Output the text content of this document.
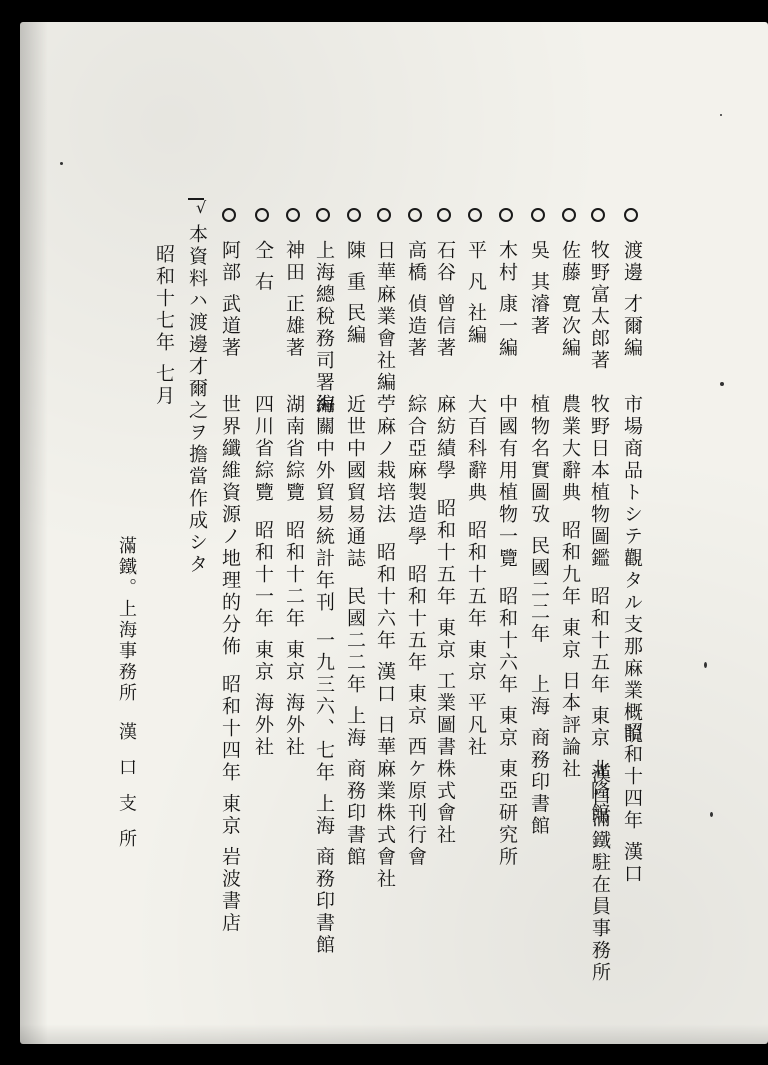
渡邊 才爾編
市場商品トシテ觀タル支那麻業概説
昭和十四年 漢口
漢口滿鐵駐在員事務所
牧野富太郎著
牧野日本植物圖鑑
昭和十五年 東京 北隆館
佐藤 寛次編
農業大辭典
昭和九年 東京 日本評論社
吳 其濬著
植物名實圖攷 民國二二年
上海 商務印書館
木村 康一編
中國有用植物一覽
昭和十六年 東京 東亞研究所
平 凡 社編
大百科辭典
昭和十五年 東京 平凡社
石谷 曾信著
麻紡績學
昭和十五年 東京 工業圖書株式會社
高橋 偵造著
綜合亞麻製造學
昭和十五年 東京 西ケ原刊行會
日華麻業會社編
苧麻ノ栽培法
昭和十六年 漢口 日華麻業株式會社
陳 重 民編
近世中國貿易通誌
民國二二年 上海 商務印書館
上海總稅務司署編
海關中外貿易統計年刊
一九三六、七年 上海 商務印書館
神田 正雄著
湖南省綜覽
昭和十二年 東京 海外社
仝 右
四川省綜覽
昭和十一年 東京 海外社
阿部 武道著
世界纖維資源ノ地理的分佈
昭和十四年 東京 岩波書店
√
本資料ハ渡邊才爾之ヲ擔當作成シタ
昭和十七年 七月
滿鐵。上海事務所
漢 口 支 所
